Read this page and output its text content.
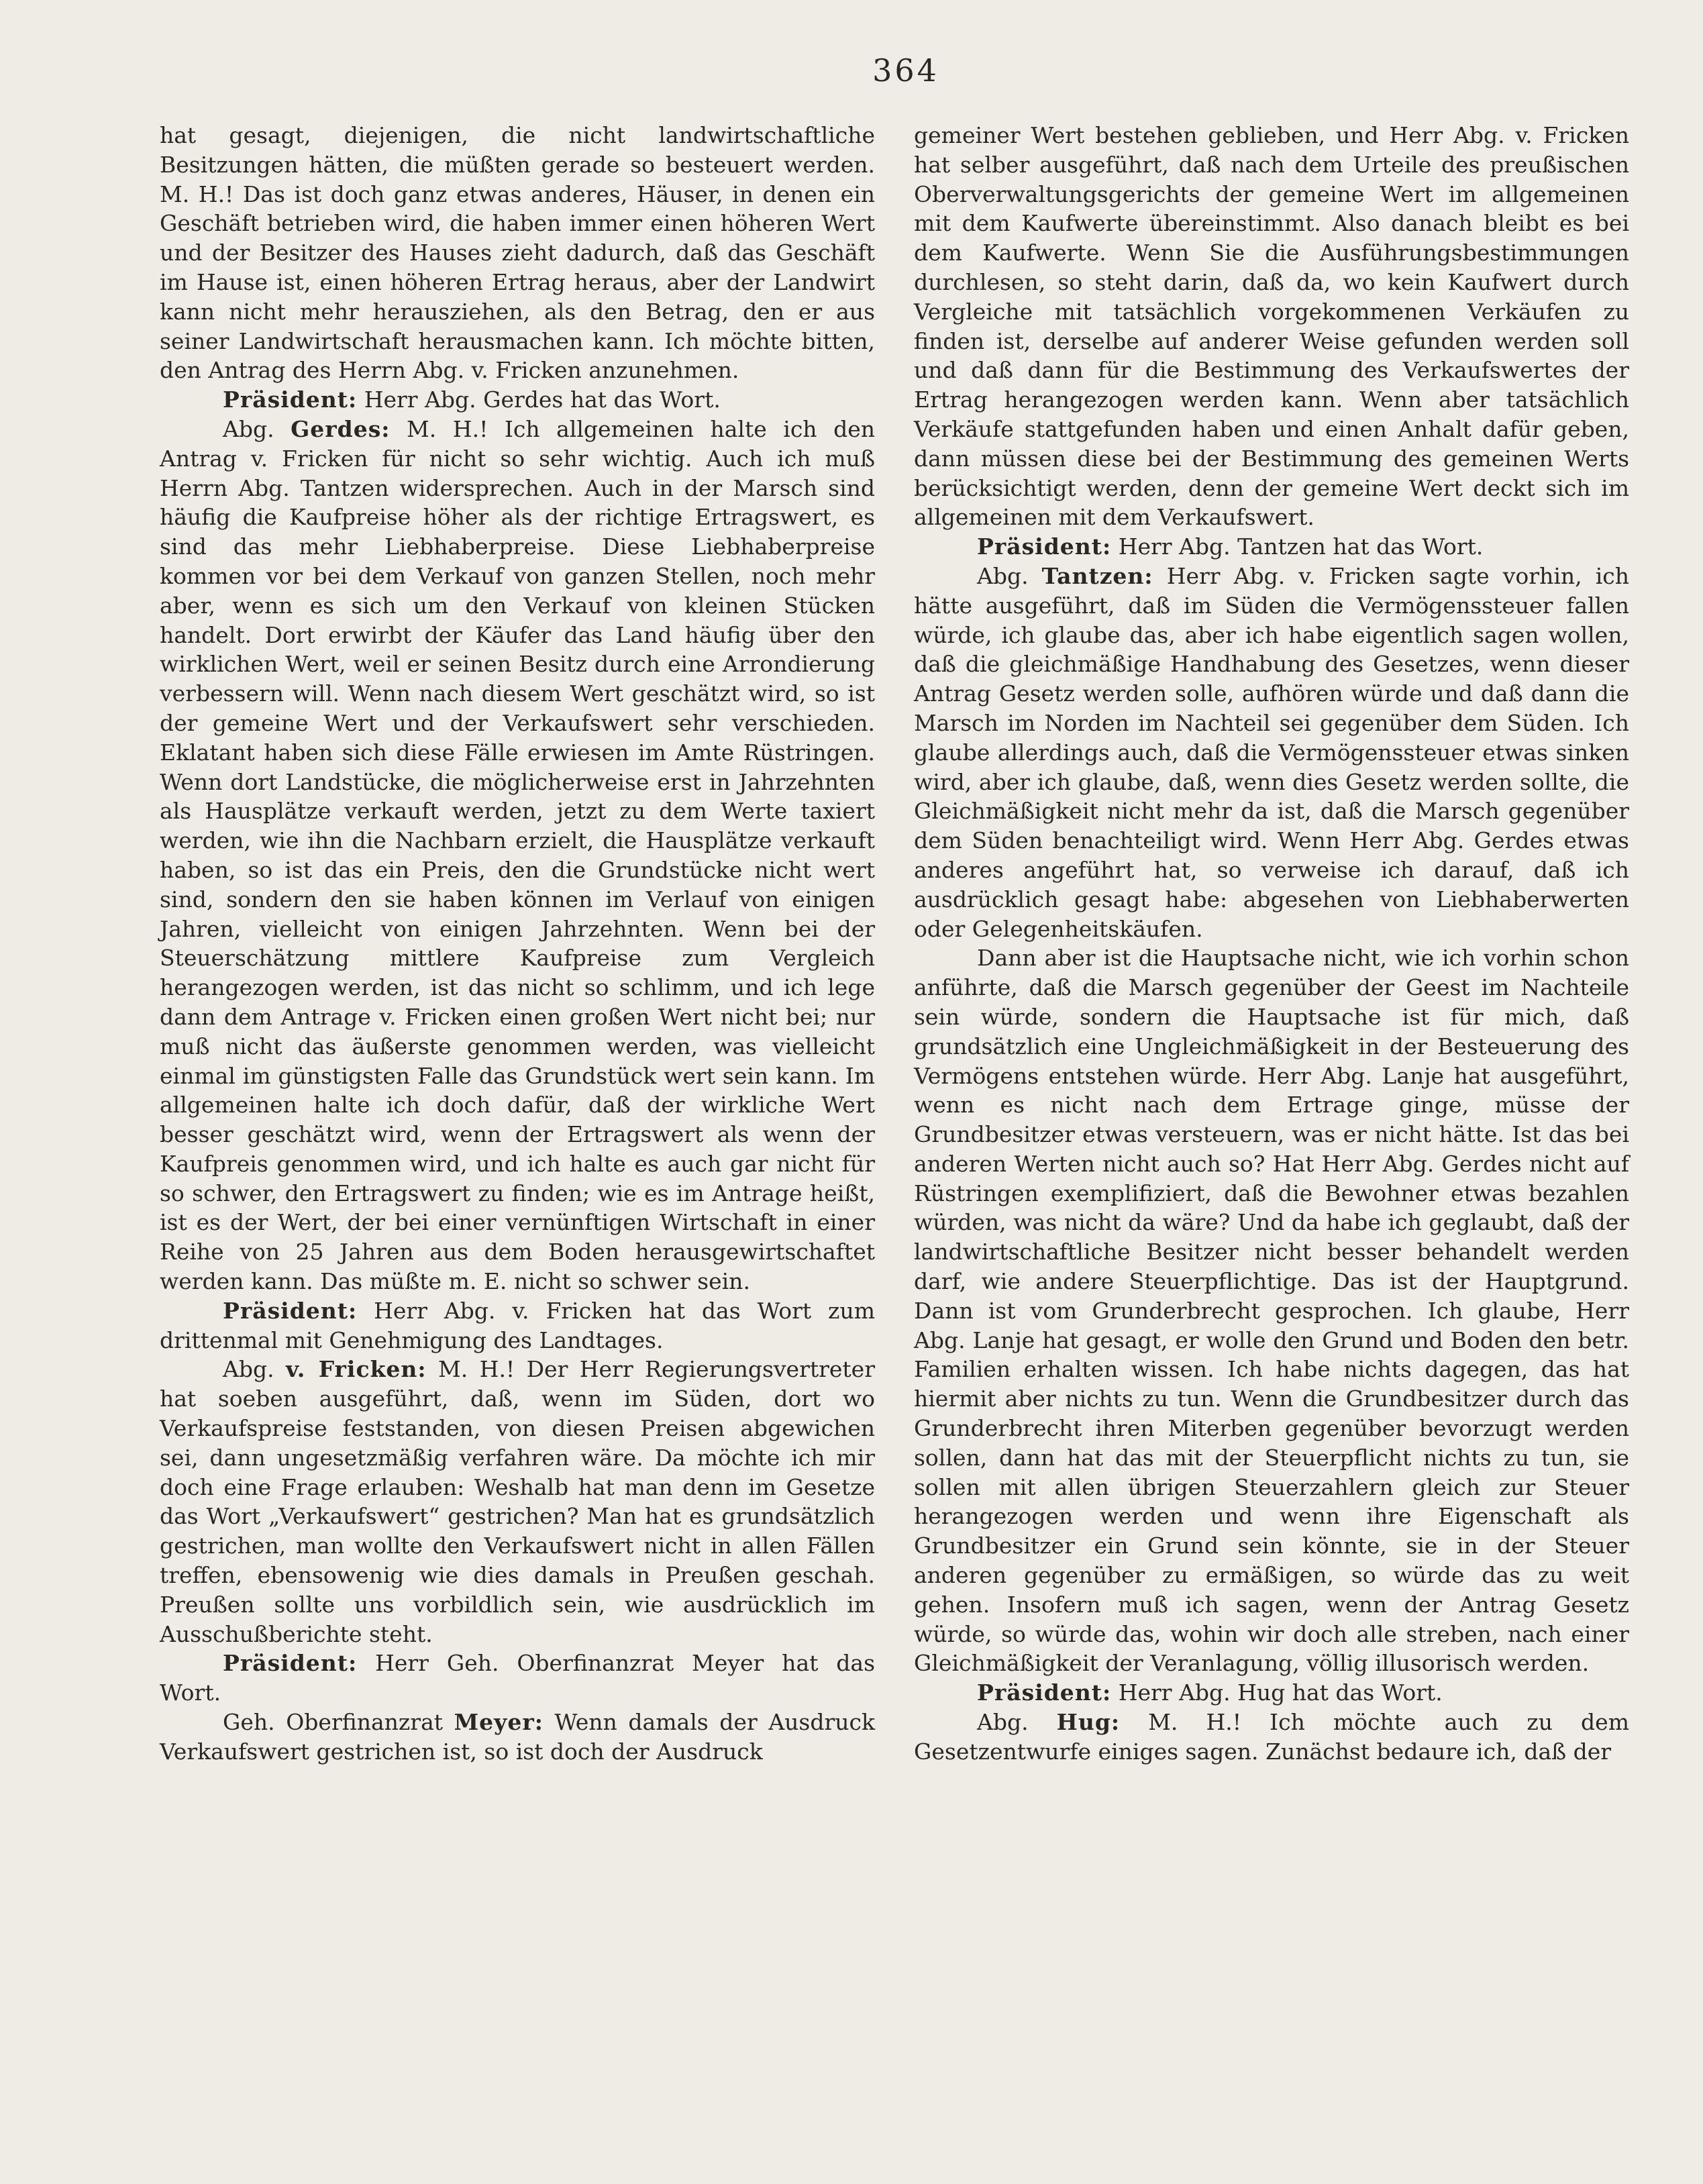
364

hat gesagt, diejenigen, die nicht landwirtschaftliche Besitzungen hätten, die müßten gerade so besteuert werden. M. H.! Das ist doch ganz etwas anderes, Häuser, in denen ein Geschäft betrieben wird, die haben immer einen höheren Wert und der Besitzer des Hauses zieht dadurch, daß das Geschäft im Hause ist, einen höheren Ertrag heraus, aber der Landwirt kann nicht mehr herausziehen, als den Betrag, den er aus seiner Landwirtschaft herausmachen kann. Ich möchte bitten, den Antrag des Herrn Abg. v. Fricken anzunehmen.

Präsident: Herr Abg. Gerdes hat das Wort.

Abg. Gerdes: M. H.! Ich allgemeinen halte ich den Antrag v. Fricken für nicht so sehr wichtig. Auch ich muß Herrn Abg. Tantzen widersprechen. Auch in der Marsch sind häufig die Kaufpreise höher als der richtige Ertragswert, es sind das mehr Liebhaberpreise. Diese Liebhaberpreise kommen vor bei dem Verkauf von ganzen Stellen, noch mehr aber, wenn es sich um den Verkauf von kleinen Stücken handelt. Dort erwirbt der Käufer das Land häufig über den wirklichen Wert, weil er seinen Besitz durch eine Arrondierung verbessern will. Wenn nach diesem Wert geschätzt wird, so ist der gemeine Wert und der Verkaufswert sehr verschieden. Eklatant haben sich diese Fälle erwiesen im Amte Rüstringen. Wenn dort Landstücke, die möglicherweise erst in Jahrzehnten als Hausplätze verkauft werden, jetzt zu dem Werte taxiert werden, wie ihn die Nachbarn erzielt, die Hausplätze verkauft haben, so ist das ein Preis, den die Grundstücke nicht wert sind, sondern den sie haben können im Verlauf von einigen Jahren, vielleicht von einigen Jahrzehnten. Wenn bei der Steuerschätzung mittlere Kaufpreise zum Vergleich herangezogen werden, ist das nicht so schlimm, und ich lege dann dem Antrage v. Fricken einen großen Wert nicht bei; nur muß nicht das äußerste genommen werden, was vielleicht einmal im günstigsten Falle das Grundstück wert sein kann. Im allgemeinen halte ich doch dafür, daß der wirkliche Wert besser geschätzt wird, wenn der Ertragswert als wenn der Kaufpreis genommen wird, und ich halte es auch gar nicht für so schwer, den Ertragswert zu finden; wie es im Antrage heißt, ist es der Wert, der bei einer vernünftigen Wirtschaft in einer Reihe von 25 Jahren aus dem Boden herausgewirtschaftet werden kann. Das müßte m. E. nicht so schwer sein.

Präsident: Herr Abg. v. Fricken hat das Wort zum drittenmal mit Genehmigung des Landtages.

Abg. v. Fricken: M. H.! Der Herr Regierungsvertreter hat soeben ausgeführt, daß, wenn im Süden, dort wo Verkaufspreise feststanden, von diesen Preisen abgewichen sei, dann ungesetzmäßig verfahren wäre. Da möchte ich mir doch eine Frage erlauben: Weshalb hat man denn im Gesetze das Wort „Verkaufswert“ gestrichen? Man hat es grundsätzlich gestrichen, man wollte den Verkaufswert nicht in allen Fällen treffen, ebensowenig wie dies damals in Preußen geschah. Preußen sollte uns vorbildlich sein, wie ausdrücklich im Ausschußberichte steht.

Präsident: Herr Geh. Oberfinanzrat Meyer hat das Wort.

Geh. Oberfinanzrat Meyer: Wenn damals der Ausdruck Verkaufswert gestrichen ist, so ist doch der Ausdruck

gemeiner Wert bestehen geblieben, und Herr Abg. v. Fricken hat selber ausgeführt, daß nach dem Urteile des preußischen Oberverwaltungsgerichts der gemeine Wert im allgemeinen mit dem Kaufwerte übereinstimmt. Also danach bleibt es bei dem Kaufwerte. Wenn Sie die Ausführungsbestimmungen durchlesen, so steht darin, daß da, wo kein Kaufwert durch Vergleiche mit tatsächlich vorgekommenen Verkäufen zu finden ist, derselbe auf anderer Weise gefunden werden soll und daß dann für die Bestimmung des Verkaufswertes der Ertrag herangezogen werden kann. Wenn aber tatsächlich Verkäufe stattgefunden haben und einen Anhalt dafür geben, dann müssen diese bei der Bestimmung des gemeinen Werts berücksichtigt werden, denn der gemeine Wert deckt sich im allgemeinen mit dem Verkaufswert.

Präsident: Herr Abg. Tantzen hat das Wort.

Abg. Tantzen: Herr Abg. v. Fricken sagte vorhin, ich hätte ausgeführt, daß im Süden die Vermögenssteuer fallen würde, ich glaube das, aber ich habe eigentlich sagen wollen, daß die gleichmäßige Handhabung des Gesetzes, wenn dieser Antrag Gesetz werden solle, aufhören würde und daß dann die Marsch im Norden im Nachteil sei gegenüber dem Süden. Ich glaube allerdings auch, daß die Vermögenssteuer etwas sinken wird, aber ich glaube, daß, wenn dies Gesetz werden sollte, die Gleichmäßigkeit nicht mehr da ist, daß die Marsch gegenüber dem Süden benachteiligt wird. Wenn Herr Abg. Gerdes etwas anderes angeführt hat, so verweise ich darauf, daß ich ausdrücklich gesagt habe: abgesehen von Liebhaberwerten oder Gelegenheitskäufen.

Dann aber ist die Hauptsache nicht, wie ich vorhin schon anführte, daß die Marsch gegenüber der Geest im Nachteile sein würde, sondern die Hauptsache ist für mich, daß grundsätzlich eine Ungleichmäßigkeit in der Besteuerung des Vermögens entstehen würde. Herr Abg. Lanje hat ausgeführt, wenn es nicht nach dem Ertrage ginge, müsse der Grundbesitzer etwas versteuern, was er nicht hätte. Ist das bei anderen Werten nicht auch so? Hat Herr Abg. Gerdes nicht auf Rüstringen exemplifiziert, daß die Bewohner etwas bezahlen würden, was nicht da wäre? Und da habe ich geglaubt, daß der landwirtschaftliche Besitzer nicht besser behandelt werden darf, wie andere Steuerpflichtige. Das ist der Hauptgrund. Dann ist vom Grunderbrecht gesprochen. Ich glaube, Herr Abg. Lanje hat gesagt, er wolle den Grund und Boden den betr. Familien erhalten wissen. Ich habe nichts dagegen, das hat hiermit aber nichts zu tun. Wenn die Grundbesitzer durch das Grunderbrecht ihren Miterben gegenüber bevorzugt werden sollen, dann hat das mit der Steuerpflicht nichts zu tun, sie sollen mit allen übrigen Steuerzahlern gleich zur Steuer herangezogen werden und wenn ihre Eigenschaft als Grundbesitzer ein Grund sein könnte, sie in der Steuer anderen gegenüber zu ermäßigen, so würde das zu weit gehen. Insofern muß ich sagen, wenn der Antrag Gesetz würde, so würde das, wohin wir doch alle streben, nach einer Gleichmäßigkeit der Veranlagung, völlig illusorisch werden.

Präsident: Herr Abg. Hug hat das Wort.

Abg. Hug: M. H.! Ich möchte auch zu dem Gesetzentwurfe einiges sagen. Zunächst bedaure ich, daß der
